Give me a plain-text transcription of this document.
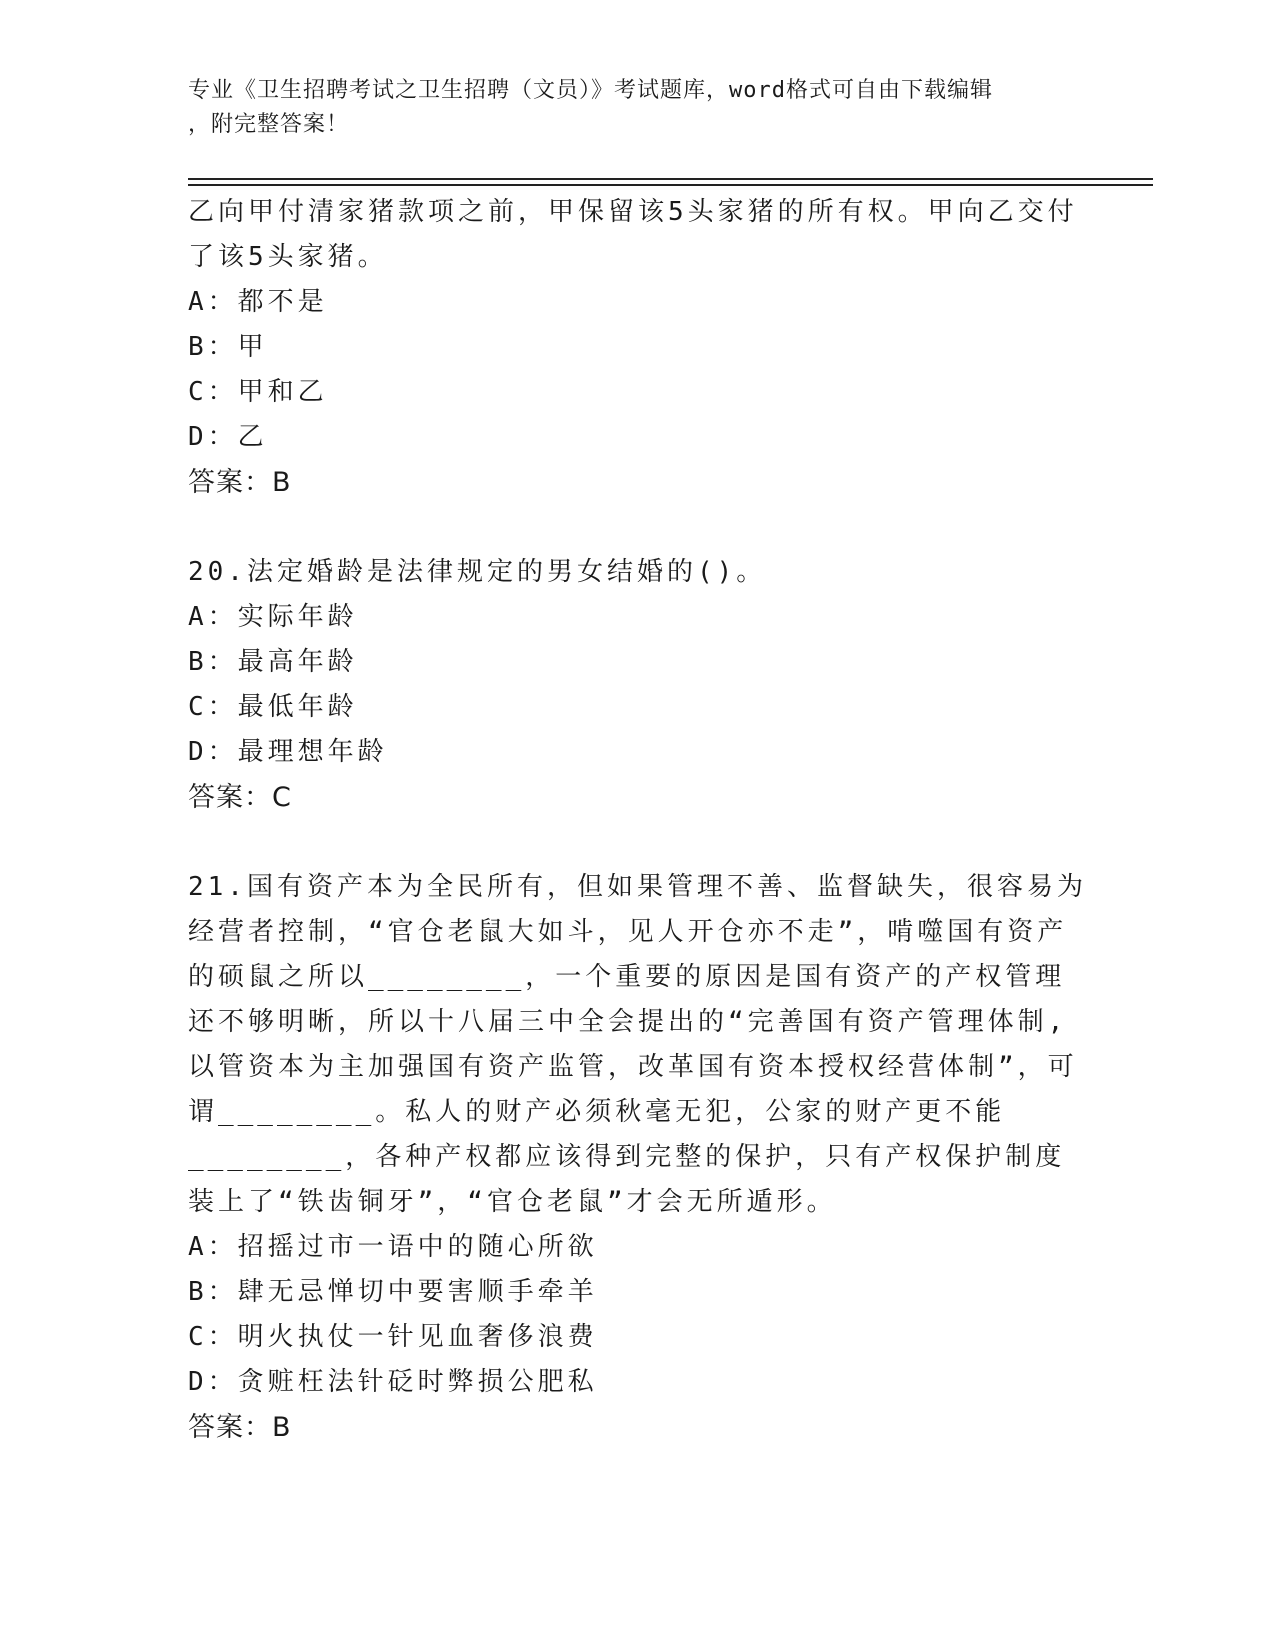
专业《卫生招聘考试之卫生招聘（文员）》考试题库，word格式可自由下载编辑
，附完整答案！

乙向甲付清家猪款项之前，甲保留该5头家猪的所有权。甲向乙交付了该5头家猪。

A：都不是
B：甲
C：甲和乙
D：乙
答案：B

20.法定婚龄是法律规定的男女结婚的()。

A：实际年龄
B：最高年龄
C：最低年龄
D：最理想年龄
答案：C

21.国有资产本为全民所有，但如果管理不善、监督缺失，很容易为经营者控制，“官仓老鼠大如斗，见人开仓亦不走”，啃噬国有资产的硕鼠之所以________，一个重要的原因是国有资产的产权管理还不够明晰，所以十八届三中全会提出的“完善国有资产管理体制,以管资本为主加强国有资产监管，改革国有资本授权经营体制”，可谓________。私人的财产必须秋毫无犯，公家的财产更不能________，各种产权都应该得到完整的保护，只有产权保护制度装上了“铁齿铜牙”，“官仓老鼠”才会无所遁形。

A：招摇过市一语中的随心所欲
B：肆无忌惮切中要害顺手牵羊
C：明火执仗一针见血奢侈浪费
D：贪赃枉法针砭时弊损公肥私
答案：B
